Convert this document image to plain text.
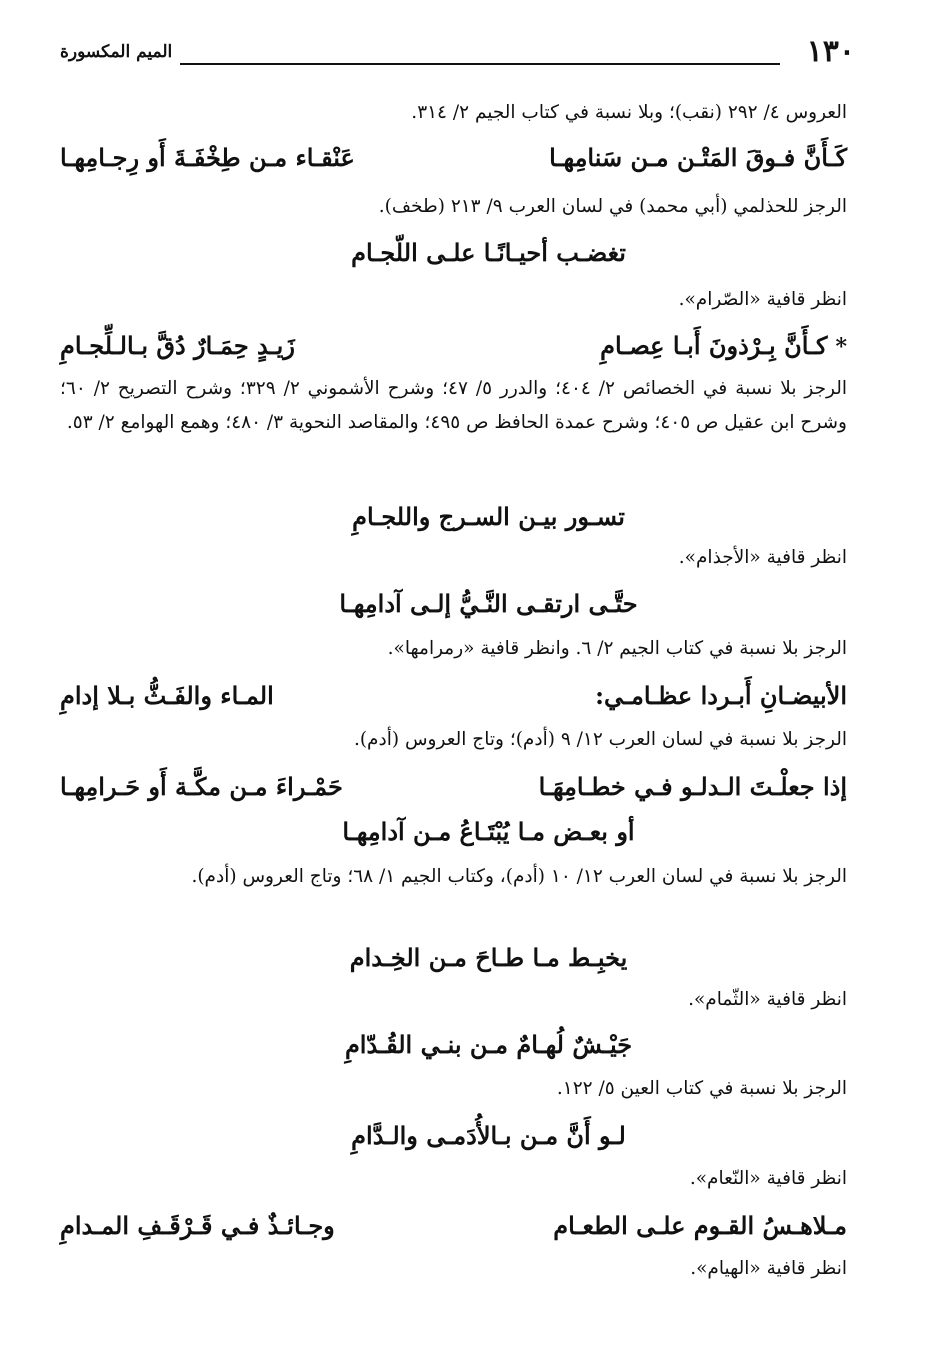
١٣٠
الميم المكسورة
العروس ٤/ ٢٩٢ (نقب)؛ وبلا نسبة في كتاب الجيم ٢/ ٣١٤.
كَـأَنَّ فـوقَ المَتْـن مـن سَنامِهـا
عَنْقـاء مـن طِخْفَـةَ أَو رِجـامِهـا
الرجز للحذلمي (أبي محمد) في لسان العرب ٩/ ٢١٣ (طخف).
تغضـب أحيـانًـا علـى اللّجـام
انظر قافية «الصّرام».
*كـأَنَّ بِـرْذونَ أَبـا عِصـامِ
زَيـدٍ حِمَـارٌ دُقَّ بـالـلِّجـامِ
الرجز بلا نسبة في الخصائص ٢/ ٤٠٤؛ والدرر ٥/ ٤٧؛ وشرح الأشموني ٢/ ٣٢٩؛ وشرح التصريح ٢/ ٦٠؛ وشرح ابن عقيل ص ٤٠٥؛ وشرح عمدة الحافظ ص ٤٩٥؛ والمقاصد النحوية ٣/ ٤٨٠؛ وهمع الهوامع ٢/ ٥٣.
تسـور بيـن السـرج واللجـامِ
انظر قافية «الأجذام».
حتَّـى ارتقـى النَّـيُّ إلـى آدامِهـا
الرجز بلا نسبة في كتاب الجيم ٢/ ٦. وانظر قافية «رمرامها».
الأبيضـانِ أَبـردا عظـامـي:
المـاء والفَـثُّ بـلا إدامِ
الرجز بلا نسبة في لسان العرب ١٢/ ٩ (أدم)؛ وتاج العروس (أدم).
إذا جعلْـتَ الـدلـو فـي خطـامِهَـا
حَمْـراءَ مـن مكَّـة أَو حَـرامِهـا
أو بعـض مـا يُبْتَـاعُ مـن آدامِهـا
الرجز بلا نسبة في لسان العرب ١٢/ ١٠ (أدم)، وكتاب الجيم ١/ ٦٨؛ وتاج العروس (أدم).
يخبِـط مـا طـاحَ مـن الخِـدام
انظر قافية «الثّمام».
جَيْـشٌ لُهـامٌ مـن بنـي القُـدّامِ
الرجز بلا نسبة في كتاب العين ٥/ ١٢٢.
لـو أَنَّ مـن بـالأُدَمـى والـدَّامِ
انظر قافية «النّعام».
مـلاهـسُ القـوم علـى الطعـام
وجـائـذٌ فـي قَـرْقَـفِ المـدامِ
انظر قافية «الهيام».
